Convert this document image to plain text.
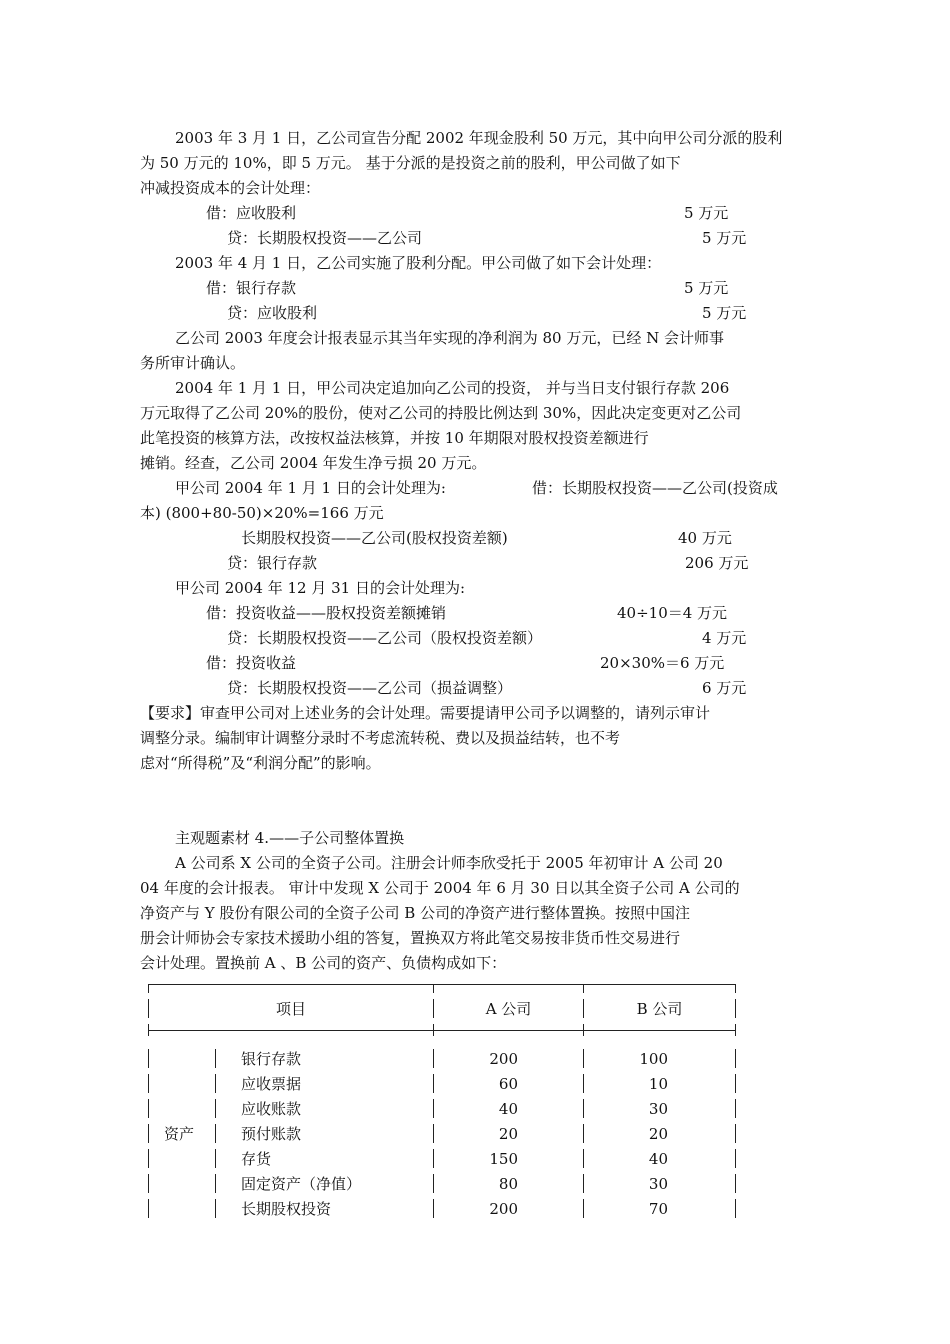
2003 年 3 月 1 日，乙公司宣告分配 2002 年现金股利 50 万元，其中向甲公司分派的股利
为 50 万元的 10%，即 5 万元。 基于分派的是投资之前的股利，甲公司做了如下
冲减投资成本的会计处理：
借：应收股利	5 万元
贷：长期股权投资——乙公司	5 万元
2003 年 4 月 1 日，乙公司实施了股利分配。甲公司做了如下会计处理：
借：银行存款	5 万元
贷：应收股利	5 万元
乙公司 2003 年度会计报表显示其当年实现的净利润为 80 万元，已经 N 会计师事
务所审计确认。
2004 年 1 月 1 日，甲公司决定追加向乙公司的投资， 并与当日支付银行存款 206
万元取得了乙公司 20%的股份，使对乙公司的持股比例达到 30%，因此决定变更对乙公司
此笔投资的核算方法，改按权益法核算，并按 10 年期限对股权投资差额进行
摊销。经查，乙公司 2004 年发生净亏损 20 万元。
甲公司 2004 年 1 月 1 日的会计处理为:	借：长期股权投资——乙公司(投资成
本) (800+80-50)×20%=166 万元
长期股权投资——乙公司(股权投资差额)	40 万元
贷：银行存款	206 万元
甲公司 2004 年 12 月 31 日的会计处理为:
借：投资收益——股权投资差额摊销	40÷10＝4 万元
贷：长期股权投资——乙公司（股权投资差额）	4 万元
借：投资收益	20×30%＝6 万元
贷：长期股权投资——乙公司（损益调整）	6 万元
【要求】审查甲公司对上述业务的会计处理。需要提请甲公司予以调整的，请列示审计
调整分录。编制审计调整分录时不考虑流转税、费以及损益结转，也不考
虑对“所得税”及“利润分配”的影响。
主观题素材 4.——子公司整体置换
A 公司系 X 公司的全资子公司。注册会计师李欣受托于 2005 年初审计 A 公司 20
04 年度的会计报表。 审计中发现 X 公司于 2004 年 6 月 30 日以其全资子公司 A 公司的
净资产与 Y 股份有限公司的全资子公司 B 公司的净资产进行整体置换。按照中国注
册会计师协会专家技术援助小组的答复，置换双方将此笔交易按非货币性交易进行
会计处理。置换前 A 、B 公司的资产、负债构成如下：
项目	A 公司	B 公司
资产
银行存款	200	100
应收票据	60	10
应收账款	40	30
预付账款	20	20
存货	150	40
固定资产（净值）	80	30
长期股权投资	200	70
